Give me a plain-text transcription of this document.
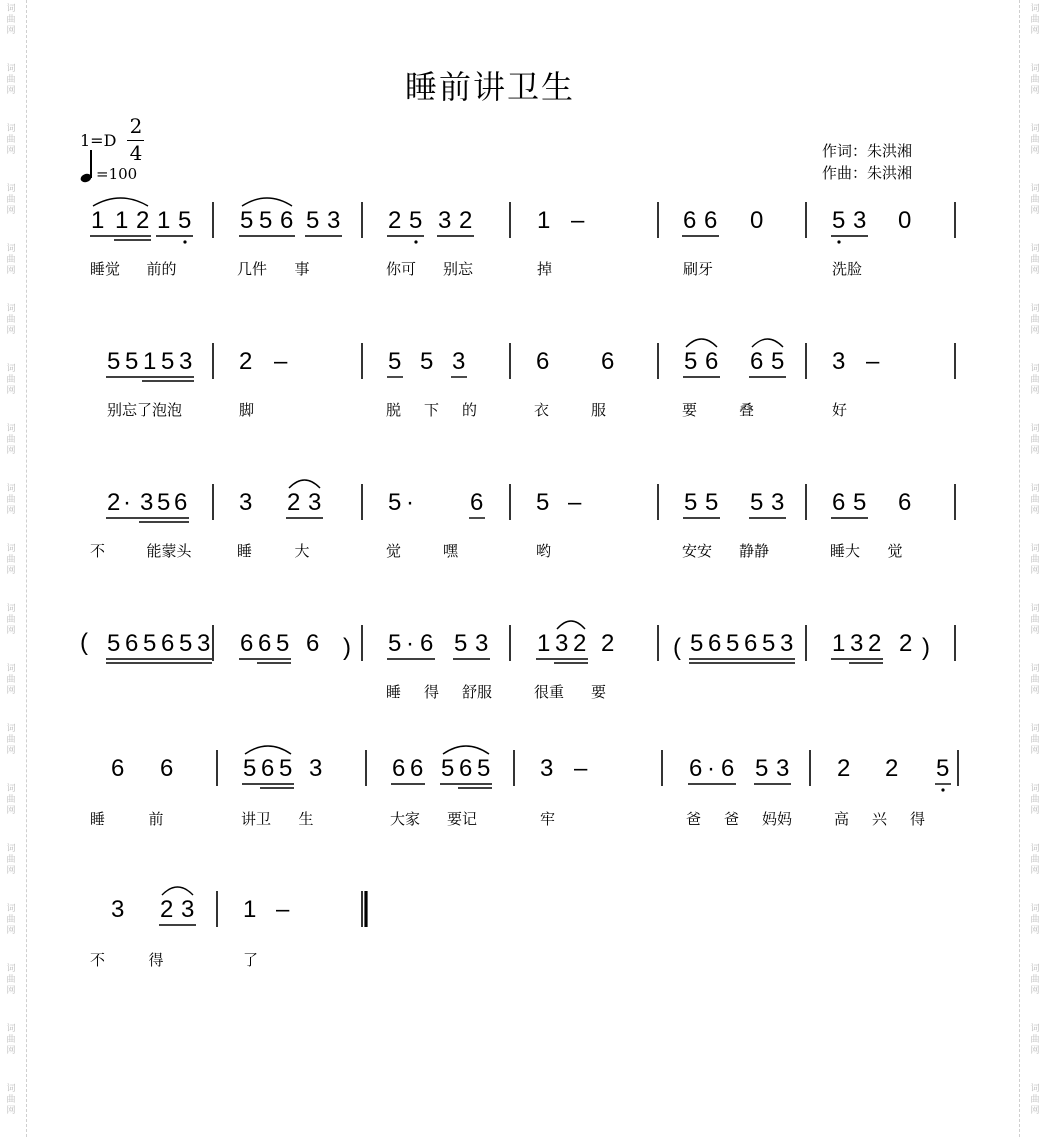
词
曲
网
词
曲
网
词
曲
网
词
曲
网
词
曲
网
词
曲
网
词
曲
网
词
曲
网
词
曲
网
词
曲
网
词
曲
网
词
曲
网
词
曲
网
词
曲
网
词
曲
网
词
曲
网
词
曲
网
词
曲
网
词
曲
网
词
曲
网
词
曲
网
词
曲
网
词
曲
网
词
曲
网
词
曲
网
词
曲
网
词
曲
网
词
曲
网
词
曲
网
词
曲
网
词
曲
网
词
曲
网
词
曲
网
词
曲
网
词
曲
网
词
曲
网
词
曲
网
词
曲
网
睡前讲卫生
1=D
2
4
=100
作词：朱洪湘
作曲：朱洪湘
1 1 2 1 5
睡觉 前的
5 5 6 5 3
几件 事
2 5 3 2
你可 别忘
1 –
掉
6 6 0
刷牙
5 3 0
洗脸
5 5 1 5 3
别忘了泡泡
2 –
脚
5 5 3
脱 下 的
6 6
衣	服
5 6 6 5
要	叠
3 –
好
2 · 3 5 6
不	能蒙头
3 2 3
睡	大
5 · 6
觉	嘿
5 –
哟
5 5 5 3
安安 静静
6 5 6
睡大 觉
5 6 5 6 5 3 6 6 5 6	5 · 6 5 3
睡 得 舒服
1 3 2 2
很重 要
5 6 5 6 5 3 1 3 2 2
6 6
睡	前
5 6 5 3
讲卫 生
6 6 5 6 5
大家 要记
3 –
牢
6 · 6 5 3
爸 爸 妈妈
2 2 5
高 兴 得
3 2 3
不	得
1 –
了
(	)	(	)
